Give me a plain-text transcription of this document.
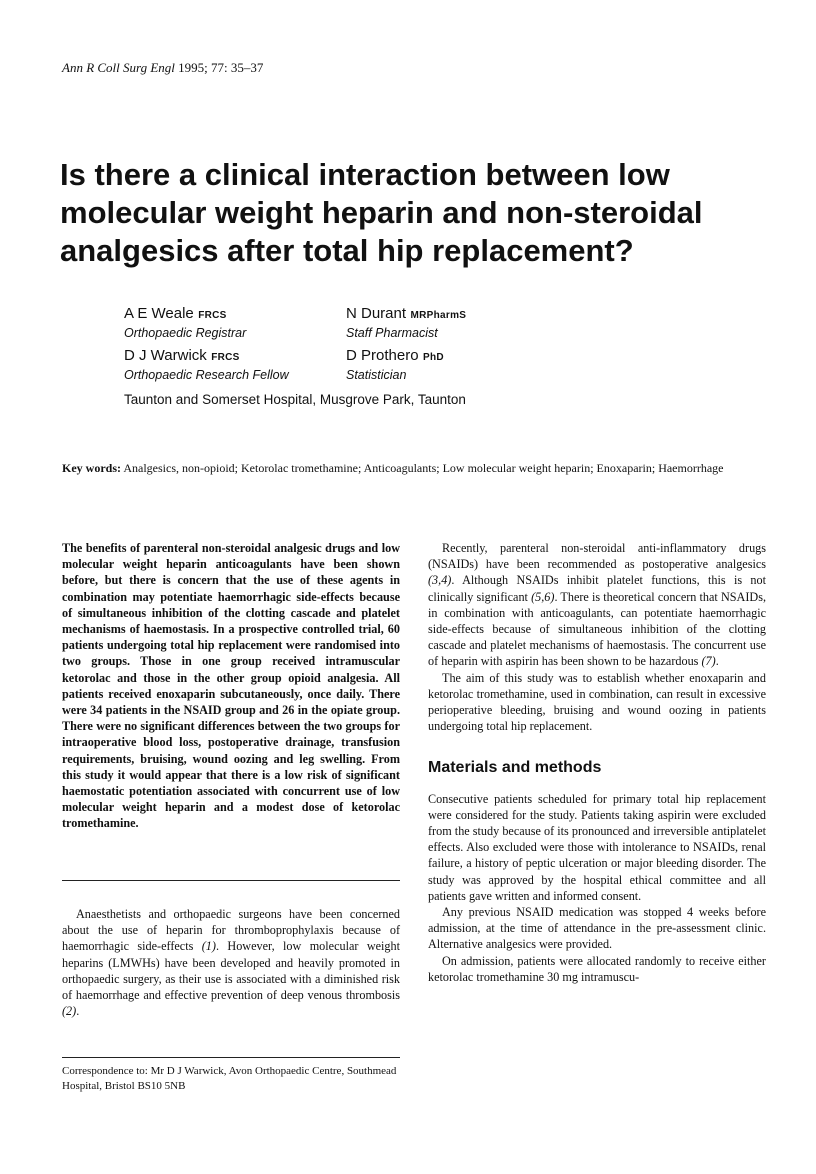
Ann R Coll Surg Engl 1995; 77: 35–37
Is there a clinical interaction between low molecular weight heparin and non-steroidal analgesics after total hip replacement?
A E Weale FRCS
Orthopaedic Registrar
N Durant MRPharmS
Staff Pharmacist
D J Warwick FRCS
Orthopaedic Research Fellow
D Prothero PhD
Statistician
Taunton and Somerset Hospital, Musgrove Park, Taunton
Key words: Analgesics, non-opioid; Ketorolac tromethamine; Anticoagulants; Low molecular weight heparin; Enoxaparin; Haemorrhage

The benefits of parenteral non-steroidal analgesic drugs and low molecular weight heparin anticoagulants have been shown before, but there is concern that the use of these agents in combination may potentiate haemorrhagic side-effects because of simultaneous inhibition of the clotting cascade and platelet mechanisms of haemostasis. In a prospective controlled trial, 60 patients undergoing total hip replacement were randomised into two groups. Those in one group received intramuscular ketorolac and those in the other group opioid analgesia. All patients received enoxaparin subcutaneously, once daily. There were 34 patients in the NSAID group and 26 in the opiate group. There were no significant differences between the two groups for intraoperative blood loss, postoperative drainage, transfusion requirements, bruising, wound oozing and leg swelling. From this study it would appear that there is a low risk of significant haemostatic potentiation associated with concurrent use of low molecular weight heparin and a modest dose of ketorolac tromethamine.

Anaesthetists and orthopaedic surgeons have been concerned about the use of heparin for thromboprophylaxis because of haemorrhagic side-effects (1). However, low molecular weight heparins (LMWHs) have been developed and heavily promoted in orthopaedic surgery, as their use is associated with a diminished risk of haemorrhage and effective prevention of deep venous thrombosis (2).

Correspondence to: Mr D J Warwick, Avon Orthopaedic Centre, Southmead Hospital, Bristol BS10 5NB

Recently, parenteral non-steroidal anti-inflammatory drugs (NSAIDs) have been recommended as postoperative analgesics (3,4). Although NSAIDs inhibit platelet functions, this is not clinically significant (5,6). There is theoretical concern that NSAIDs, in combination with anticoagulants, can potentiate haemorrhagic side-effects because of simultaneous inhibition of the clotting cascade and platelet mechanisms of haemostasis. The concurrent use of heparin with aspirin has been shown to be hazardous (7).

The aim of this study was to establish whether enoxaparin and ketorolac tromethamine, used in combination, can result in excessive perioperative bleeding, bruising and wound oozing in patients undergoing total hip replacement.

Materials and methods

Consecutive patients scheduled for primary total hip replacement were considered for the study. Patients taking aspirin were excluded from the study because of its pronounced and irreversible antiplatelet effects. Also excluded were those with intolerance to NSAIDs, renal failure, a history of peptic ulceration or major bleeding disorder. The study was approved by the hospital ethical committee and all patients gave written and informed consent.

Any previous NSAID medication was stopped 4 weeks before admission, at the time of attendance in the pre-assessment clinic. Alternative analgesics were provided.

On admission, patients were allocated randomly to receive either ketorolac tromethamine 30 mg intramuscu-
